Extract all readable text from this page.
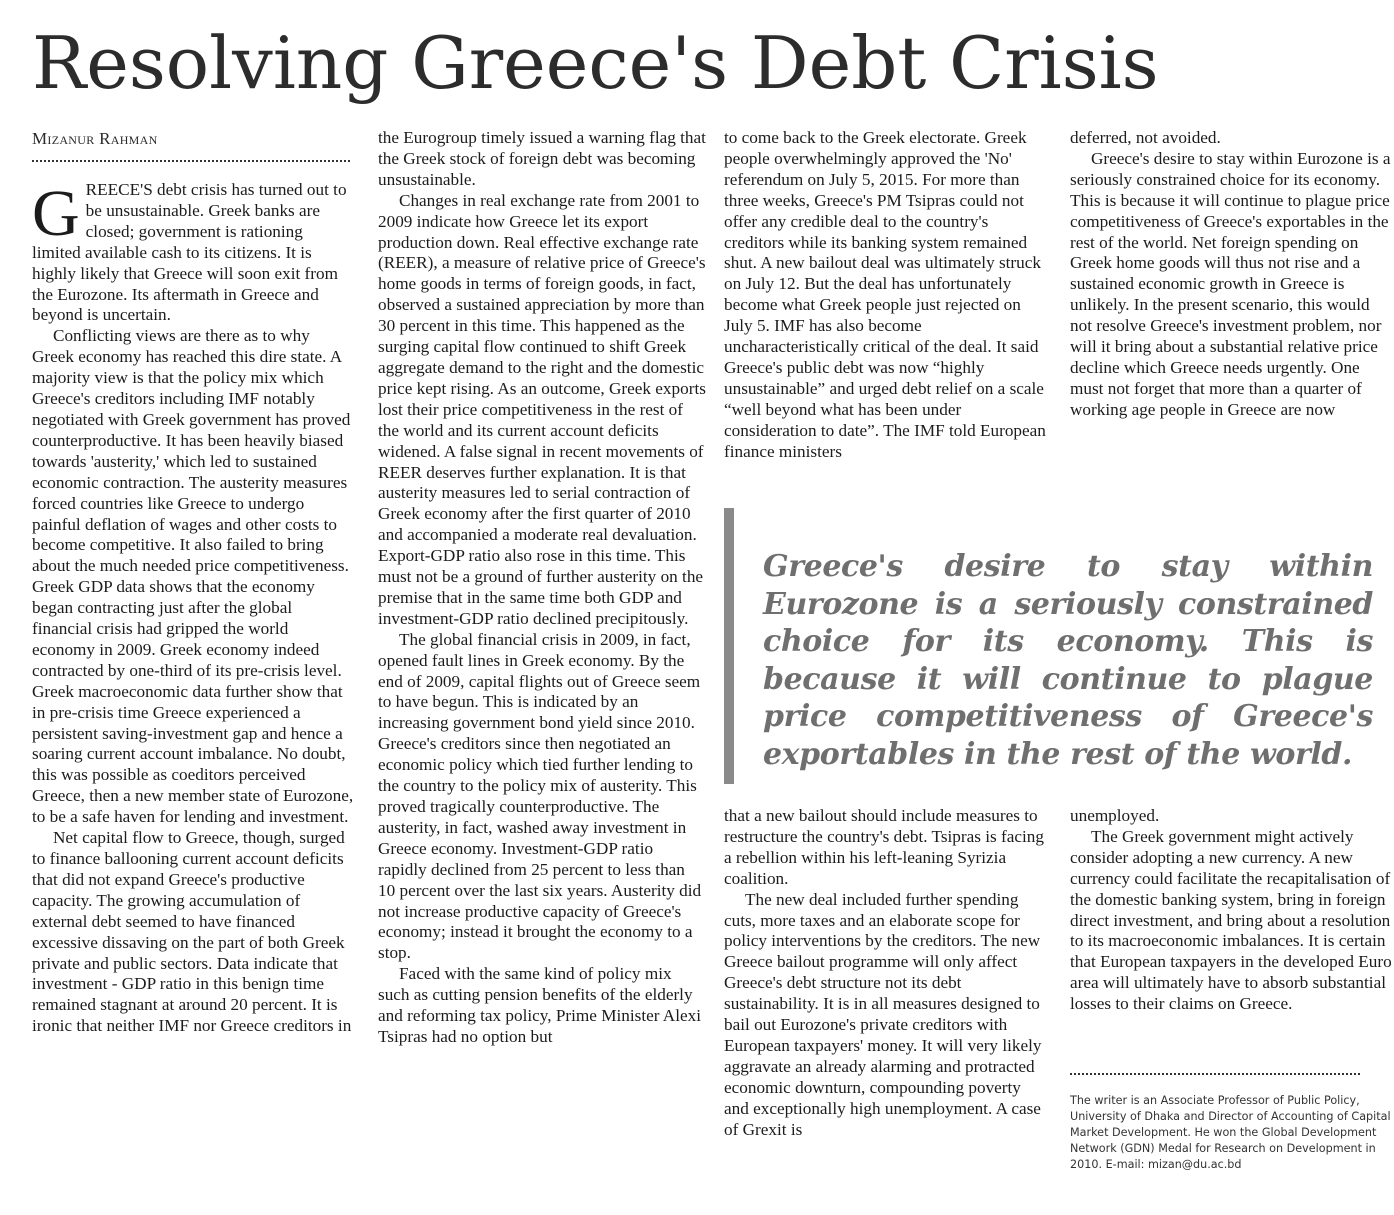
Resolving Greece's Debt Crisis
Mizanur Rahman

GREECE'S debt crisis has turned out to be unsustainable. Greek banks are closed; government is rationing limited available cash to its citizens. It is highly likely that Greece will soon exit from the Eurozone. Its aftermath in Greece and beyond is uncertain.

Conflicting views are there as to why Greek economy has reached this dire state. A majority view is that the policy mix which Greece's creditors including IMF notably negotiated with Greek government has proved counterproductive. It has been heavily biased towards 'austerity,' which led to sustained economic contraction. The austerity measures forced countries like Greece to undergo painful deflation of wages and other costs to become competitive. It also failed to bring about the much needed price competitiveness. Greek GDP data shows that the economy began contracting just after the global financial crisis had gripped the world economy in 2009. Greek economy indeed contracted by one-third of its pre-crisis level. Greek macroeconomic data further show that in pre-crisis time Greece experienced a persistent saving-investment gap and hence a soaring current account imbalance. No doubt, this was possible as coeditors perceived Greece, then a new member state of Eurozone, to be a safe haven for lending and investment.

Net capital flow to Greece, though, surged to finance ballooning current account deficits that did not expand Greece's productive capacity. The growing accumulation of external debt seemed to have financed excessive dissaving on the part of both Greek private and public sectors. Data indicate that investment - GDP ratio in this benign time remained stagnant at around 20 percent. It is ironic that neither IMF nor Greece creditors in

the Eurogroup timely issued a warning flag that the Greek stock of foreign debt was becoming unsustainable.

Changes in real exchange rate from 2001 to 2009 indicate how Greece let its export production down. Real effective exchange rate (REER), a measure of relative price of Greece's home goods in terms of foreign goods, in fact, observed a sustained appreciation by more than 30 percent in this time. This happened as the surging capital flow continued to shift Greek aggregate demand to the right and the domestic price kept rising. As an outcome, Greek exports lost their price competitiveness in the rest of the world and its current account deficits widened. A false signal in recent movements of REER deserves further explanation. It is that austerity measures led to serial contraction of Greek economy after the first quarter of 2010 and accompanied a moderate real devaluation. Export-GDP ratio also rose in this time. This must not be a ground of further austerity on the premise that in the same time both GDP and investment-GDP ratio declined precipitously.

The global financial crisis in 2009, in fact, opened fault lines in Greek economy. By the end of 2009, capital flights out of Greece seem to have begun. This is indicated by an increasing government bond yield since 2010. Greece's creditors since then negotiated an economic policy which tied further lending to the country to the policy mix of austerity. This proved tragically counterproductive. The austerity, in fact, washed away investment in Greece economy. Investment-GDP ratio rapidly declined from 25 percent to less than 10 percent over the last six years. Austerity did not increase productive capacity of Greece's economy; instead it brought the economy to a stop.

Faced with the same kind of policy mix such as cutting pension benefits of the elderly and reforming tax policy, Prime Minister Alexi Tsipras had no option but

to come back to the Greek electorate. Greek people overwhelmingly approved the 'No' referendum on July 5, 2015. For more than three weeks, Greece's PM Tsipras could not offer any credible deal to the country's creditors while its banking system remained shut. A new bailout deal was ultimately struck on July 12. But the deal has unfortunately become what Greek people just rejected on July 5. IMF has also become uncharacteristically critical of the deal. It said Greece's public debt was now “highly unsustainable” and urged debt relief on a scale “well beyond what has been under consideration to date”. The IMF told European finance ministers

deferred, not avoided.

Greece's desire to stay within Eurozone is a seriously constrained choice for its economy. This is because it will continue to plague price competitiveness of Greece's exportables in the rest of the world. Net foreign spending on Greek home goods will thus not rise and a sustained economic growth in Greece is unlikely. In the present scenario, this would not resolve Greece's investment problem, nor will it bring about a substantial relative price decline which Greece needs urgently. One must not forget that more than a quarter of working age people in Greece are now

Greece's desire to stay within Eurozone is a seriously constrained choice for its economy. This is because it will continue to plague price competitiveness of Greece's exportables in the rest of the world.

that a new bailout should include measures to restructure the country's debt. Tsipras is facing a rebellion within his left-leaning Syrizia coalition.

The new deal included further spending cuts, more taxes and an elaborate scope for policy interventions by the creditors. The new Greece bailout programme will only affect Greece's debt structure not its debt sustainability. It is in all measures designed to bail out Eurozone's private creditors with European taxpayers' money. It will very likely aggravate an already alarming and protracted economic downturn, compounding poverty and exceptionally high unemployment. A case of Grexit is

unemployed.

The Greek government might actively consider adopting a new currency. A new currency could facilitate the recapitalisation of the domestic banking system, bring in foreign direct investment, and bring about a resolution to its macroeconomic imbalances. It is certain that European taxpayers in the developed Euro area will ultimately have to absorb substantial losses to their claims on Greece.

The writer is an Associate Professor of Public Policy, University of Dhaka and Director of Accounting of Capital Market Development. He won the Global Development Network (GDN) Medal for Research on Development in 2010. E-mail: mizan@du.ac.bd
